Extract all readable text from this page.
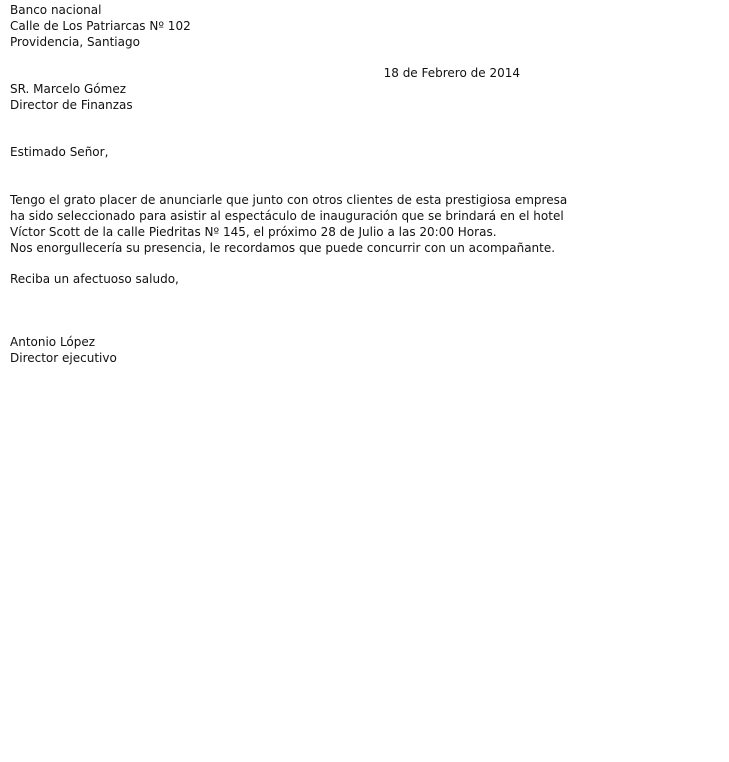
Banco nacional
Calle de Los Patriarcas Nº 102
Providencia, Santiago
18 de Febrero de 2014
SR. Marcelo Gómez
Director de Finanzas
Estimado Señor,
Tengo el grato placer de anunciarle que junto con otros clientes de esta prestigiosa empresa
ha sido seleccionado para asistir al espectáculo de inauguración que se brindará en el hotel
Víctor Scott de la calle Piedritas Nº 145, el próximo 28 de Julio a las 20:00 Horas.
Nos enorgullecería su presencia, le recordamos que puede concurrir con un acompañante.
Reciba un afectuoso saludo,
Antonio López
Director ejecutivo
